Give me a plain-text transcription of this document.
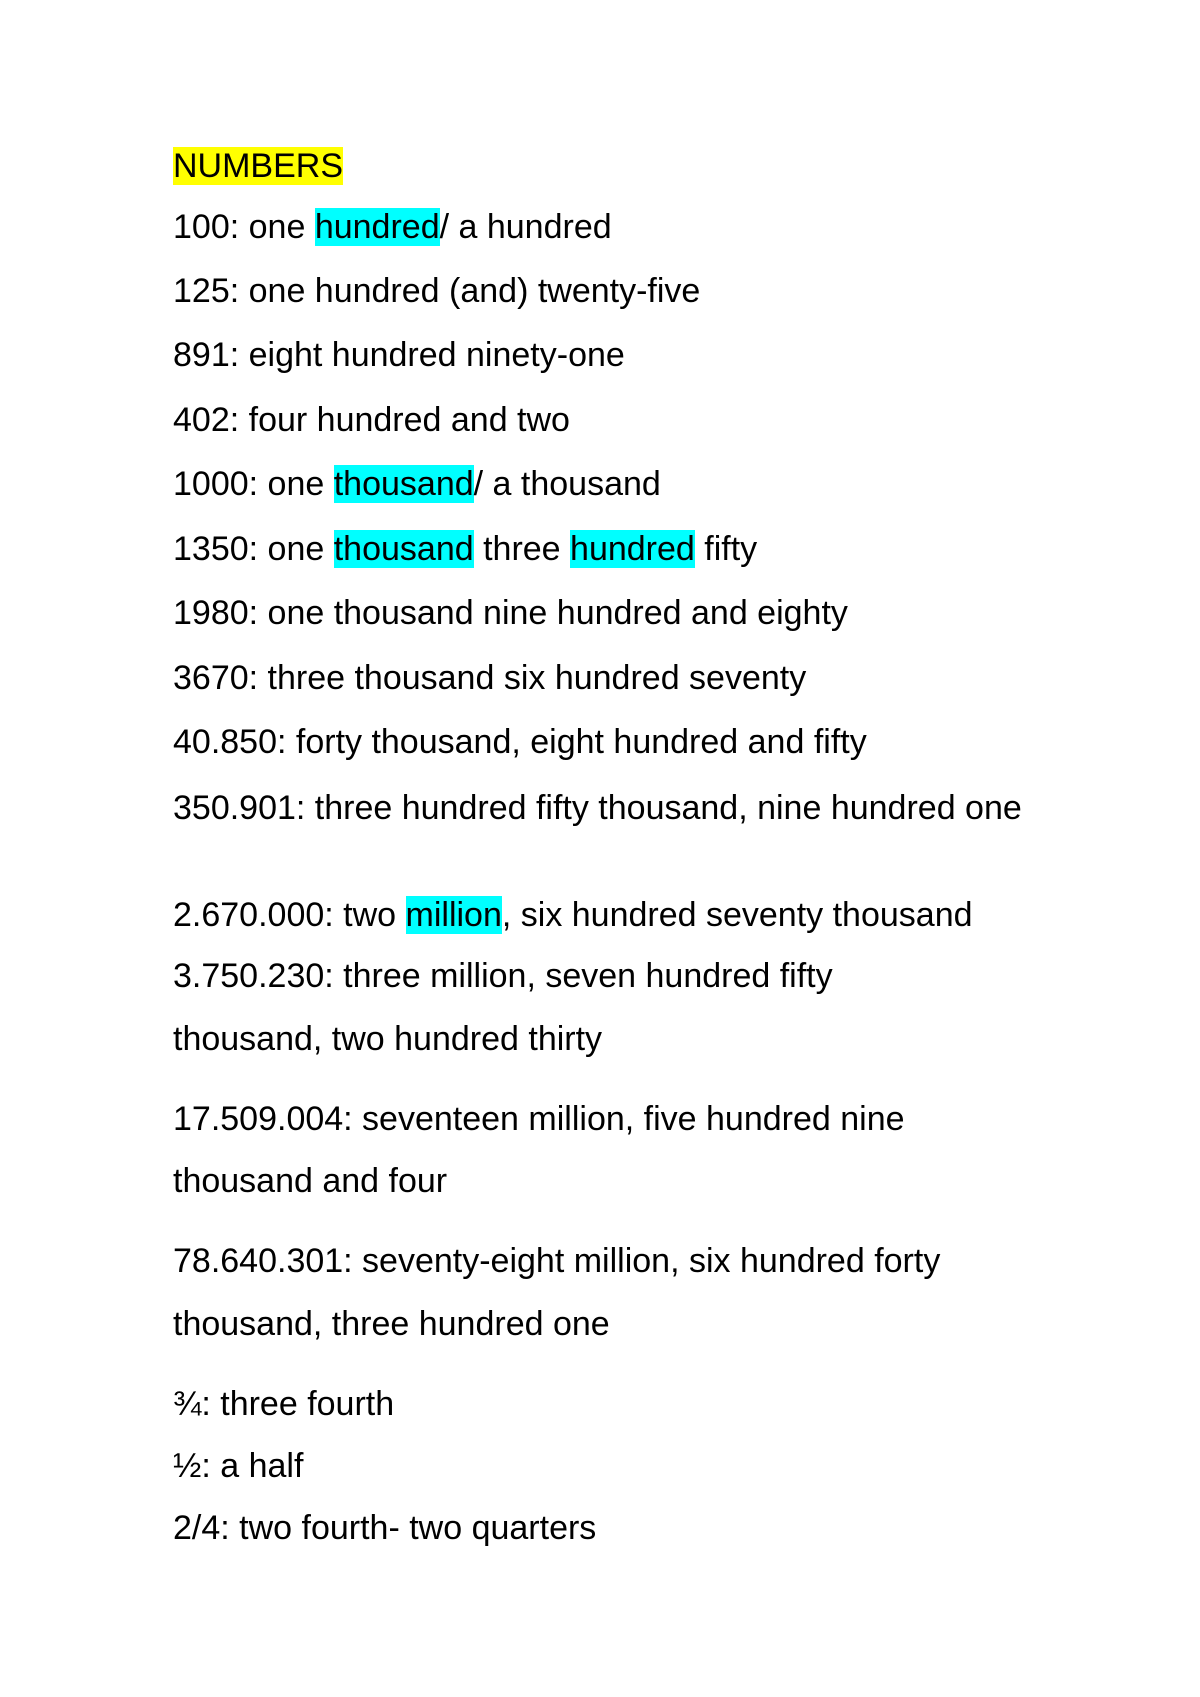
NUMBERS
100: one hundred/ a hundred
125: one hundred (and) twenty-five
891: eight hundred ninety-one
402: four hundred and two
1000: one thousand/ a thousand
1350: one thousand three hundred fifty
1980: one thousand nine hundred and eighty
3670: three thousand six hundred seventy
40.850: forty thousand, eight hundred and fifty
350.901: three hundred fifty thousand, nine hundred one
2.670.000: two million, six hundred seventy thousand
3.750.230: three million, seven hundred fifty
thousand, two hundred thirty
17.509.004: seventeen million, five hundred nine
thousand and four
78.640.301: seventy-eight million, six hundred forty
thousand, three hundred one
¾: three fourth
½: a half
2/4: two fourth- two quarters
